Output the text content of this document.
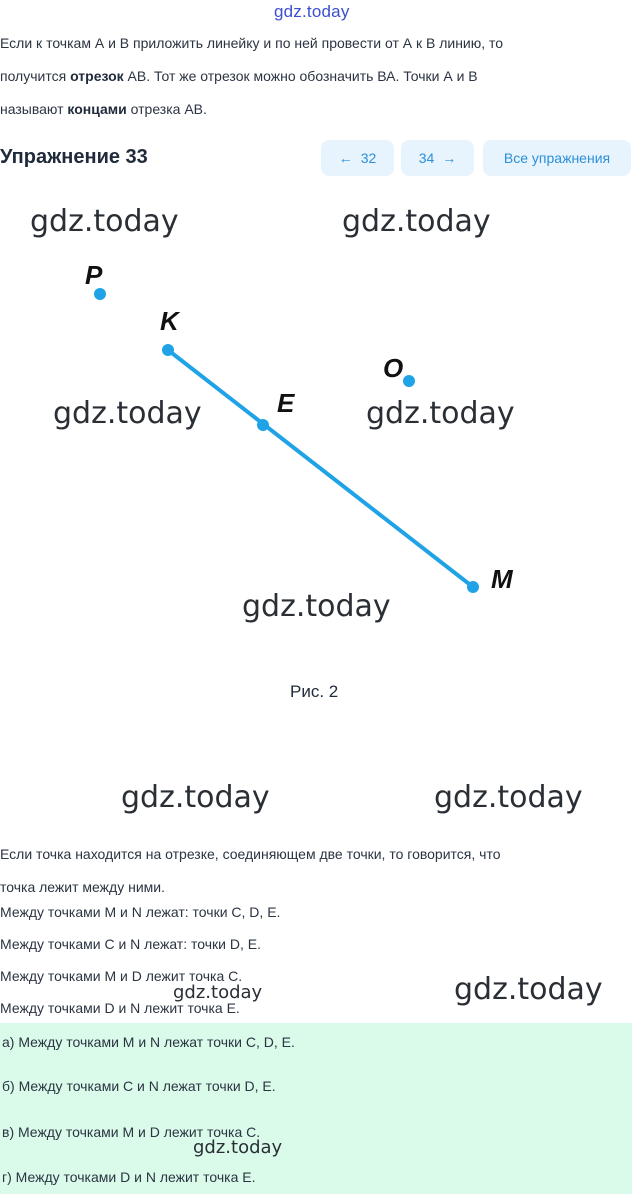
gdz.today
Если к точкам А и В приложить линейку и по ней провести от А к В линию, то
получится отрезок АВ. Тот же отрезок можно обозначить ВА. Точки А и В
называют концами отрезка АВ.
Упражнение 33	← 32	34 →	Все упражнения
P
K
E
O
M
gdz.today	gdz.today
gdz.today	gdz.today
gdz.today
Рис. 2
gdz.today	gdz.today
Если точка находится на отрезке, соединяющем две точки, то говорится, что
точка лежит между ними.
Между точками M и N лежат: точки С, D, E.
Между точками С и N лежат: точки D, E.
Между точками M и D лежит точка С.
Между точками D и N лежит точка E.
gdz.today	gdz.today
а) Между точками M и N лежат точки С, D, E.
б) Между точками С и N лежат точки D, E.
в) Между точками M и D лежит точка С.
г) Между точками D и N лежит точка E.
gdz.today
